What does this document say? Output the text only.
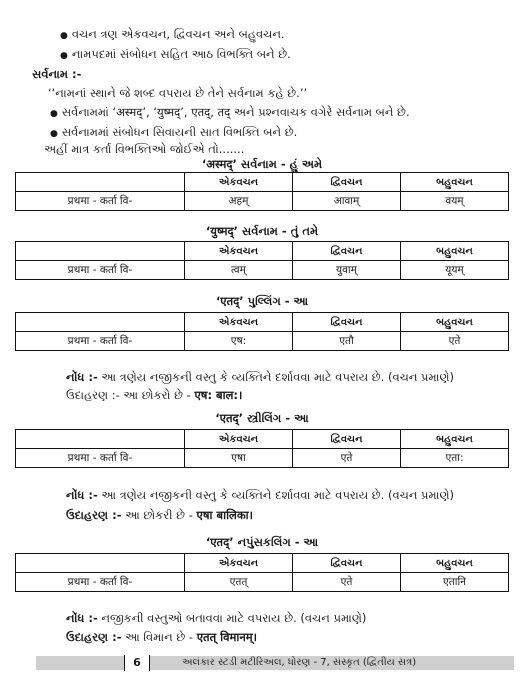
● વચન ત્રણ એકવચન, દ્વિવચન અને બહુવચન.
● નામપદમાં સંબોધન સહિત આઠ વિભક્તિ બને છે.
સર્વનામ :-
‘‘નામનાં સ્થાને જે શબ્દ વપરાય છે તેને સર્વનામ કહે છે.’’
● સર્વનામમાં ‘अस्मद्’, ‘युष्मद्’, एतद्, तद् અને પ્રશ્નવાચક વગેરે સર્વનામ બને છે.
● સર્વનામમાં સંબોધન સિવાયની સાત વિભક્તિ બને છે.
અહીં માત્ર કર્તા વિભક્તિઓ જોઈએ તો.......
‘अस्मद्’ સર્વનામ - હું અમે
	એકવચન	દ્વિવચન	બહુવચન
प्रथमा - कर्ता वि-	अहम्	आवाम्	वयम्
‘युष्मद्’ સર્વનામ - તું તમે
	એકવચન	દ્વિવચન	બહુવચન
प्रथमा - कर्ता वि-	त्वम्	युवाम्	यूयम्
‘एतद्’ પુલ્લિંગ - આ
	એકવચન	દ્વિવચન	બહુવચન
प्रथमा - कर्ता वि-	एष:	एतौ	एते
નોંધ :- આ ત્રણેય નજીકની વસ્તુ કે વ્યક્તિને દર્શાવવા માટે વપરાય છે. (વચન પ્રમાણે)
ઉદાહરણ :- આ છોકરો છે - एष: बाल:।
‘एतद्’ સ્ત્રીલિંગ - આ
	એકવચન	દ્વિવચન	બહુવચન
प्रथमा - कर्ता वि-	एषा	एते	एता:
નોંધ :- આ ત્રણેય નજીકની વસ્તુ કે વ્યક્તિને દર્શાવવા માટે વપરાય છે. (વચન પ્રમાણે)
ઉદાહરણ :- આ છોકરી છે - एषा बालिका।
‘एतद्’ નપુંસકલિંગ - આ
	એકવચન	દ્વિવચન	બહુવચન
प्रथमा - कर्ता वि-	एतत्	एते	एतानि
નોંધ :- નજીકની વસ્તુઓ બતાવવા માટે વપરાય છે. (વચન પ્રમાણે)
ઉદાહરણ :- આ વિમાન છે - एतत् विमानम्।
6	અલંકાર સ્ટડી મટીરિઅલ, ધોરણ - 7, સંસ્કૃત (દ્વિતીય સત્ર)
